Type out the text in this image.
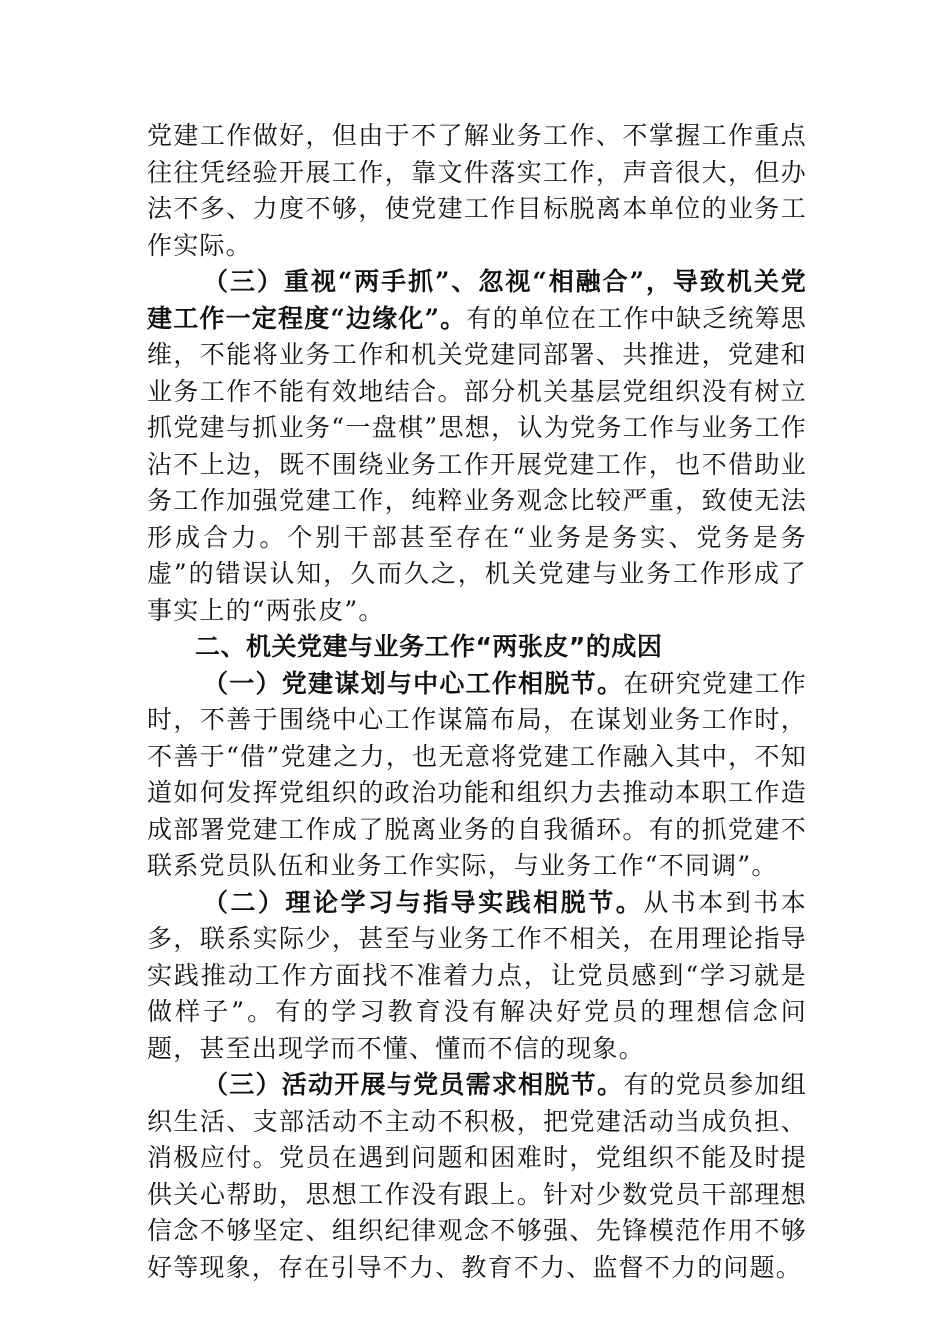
党建工作做好，但由于不了解业务工作、不掌握工作重点往往凭经验开展工作，靠文件落实工作，声音很大，但办法不多、力度不够，使党建工作目标脱离本单位的业务工作实际。

（三）重视“两手抓”、忽视“相融合”，导致机关党建工作一定程度“边缘化”。有的单位在工作中缺乏统筹思维，不能将业务工作和机关党建同部署、共推进，党建和业务工作不能有效地结合。部分机关基层党组织没有树立抓党建与抓业务“一盘棋”思想，认为党务工作与业务工作沾不上边，既不围绕业务工作开展党建工作，也不借助业务工作加强党建工作，纯粹业务观念比较严重，致使无法形成合力。个别干部甚至存在“业务是务实、党务是务虚”的错误认知，久而久之，机关党建与业务工作形成了事实上的“两张皮”。

二、机关党建与业务工作“两张皮”的成因

（一）党建谋划与中心工作相脱节。在研究党建工作时，不善于围绕中心工作谋篇布局，在谋划业务工作时，不善于“借”党建之力，也无意将党建工作融入其中，不知道如何发挥党组织的政治功能和组织力去推动本职工作造成部署党建工作成了脱离业务的自我循环。有的抓党建不联系党员队伍和业务工作实际，与业务工作“不同调”。

（二）理论学习与指导实践相脱节。从书本到书本多，联系实际少，甚至与业务工作不相关，在用理论指导实践推动工作方面找不准着力点，让党员感到“学习就是做样子”。有的学习教育没有解决好党员的理想信念问题，甚至出现学而不懂、懂而不信的现象。

（三）活动开展与党员需求相脱节。有的党员参加组织生活、支部活动不主动不积极，把党建活动当成负担、消极应付。党员在遇到问题和困难时，党组织不能及时提供关心帮助，思想工作没有跟上。针对少数党员干部理想信念不够坚定、组织纪律观念不够强、先锋模范作用不够好等现象，存在引导不力、教育不力、监督不力的问题。
